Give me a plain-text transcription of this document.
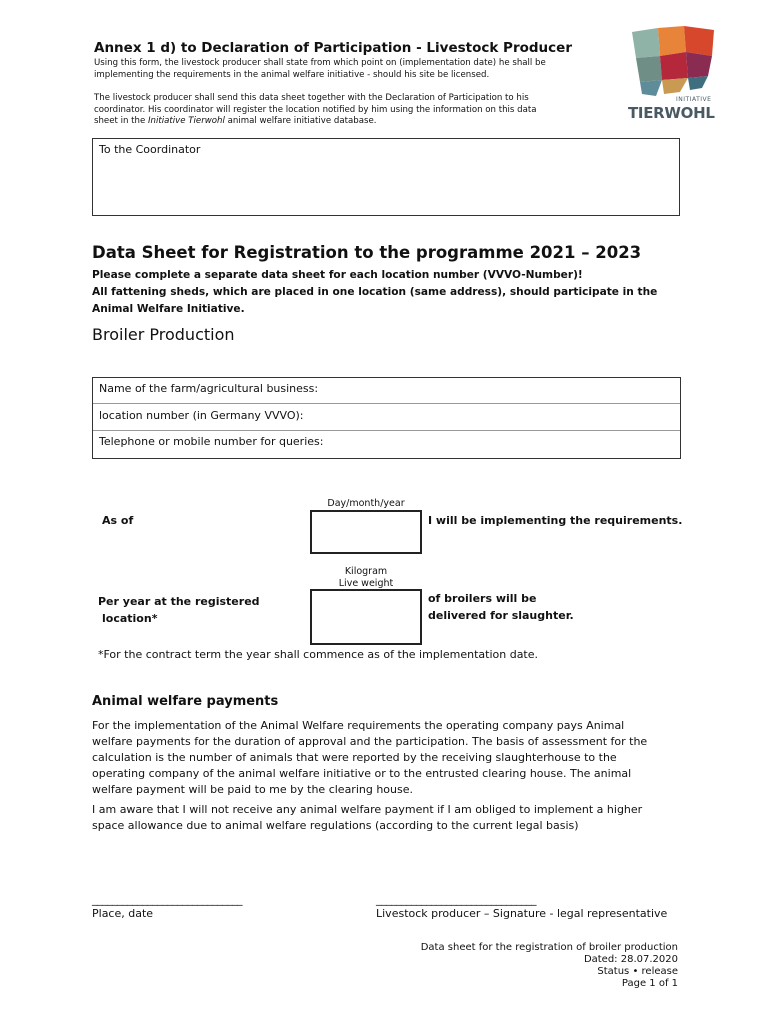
Annex 1 d) to Declaration of Participation - Livestock Producer
Using this form, the livestock producer shall state from which point on (implementation date) he shall be implementing the requirements in the animal welfare initiative - should his site be licensed.
The livestock producer shall send this data sheet together with the Declaration of Participation to his coordinator. His coordinator will register the location notified by him using the information on this data sheet in the Initiative Tierwohl animal welfare initiative database.
INITIATIVE
TIERWOHL
To the Coordinator
Data Sheet for Registration to the programme 2021 – 2023
Please complete a separate data sheet for each location number (VVVO-Number)!
All fattening sheds, which are placed in one location (same address), should participate in the Animal Welfare Initiative.
Broiler Production
Name of the farm/agricultural business:
location number (in Germany VVVO):
Telephone or mobile number for queries:
Day/month/year
As of	I will be implementing the requirements.
Kilogram
Live weight
Per year at the registered
location*
of broilers will be
delivered for slaughter.
*For the contract term the year shall commence as of the implementation date.
Animal welfare payments
For the implementation of the Animal Welfare requirements the operating company pays Animal welfare payments for the duration of approval and the participation. The basis of assessment for the calculation is the number of animals that were reported by the receiving slaughterhouse to the operating company of the animal welfare initiative or to the entrusted clearing house. The animal welfare payment will be paid to me by the clearing house.
I am aware that I will not receive any animal welfare payment if I am obliged to implement a higher space allowance due to animal welfare regulations (according to the current legal basis)
______________________________	________________________________
Place, date	Livestock producer – Signature - legal representative
Data sheet for the registration of broiler production
Dated: 28.07.2020
Status • release
Page 1 of 1
